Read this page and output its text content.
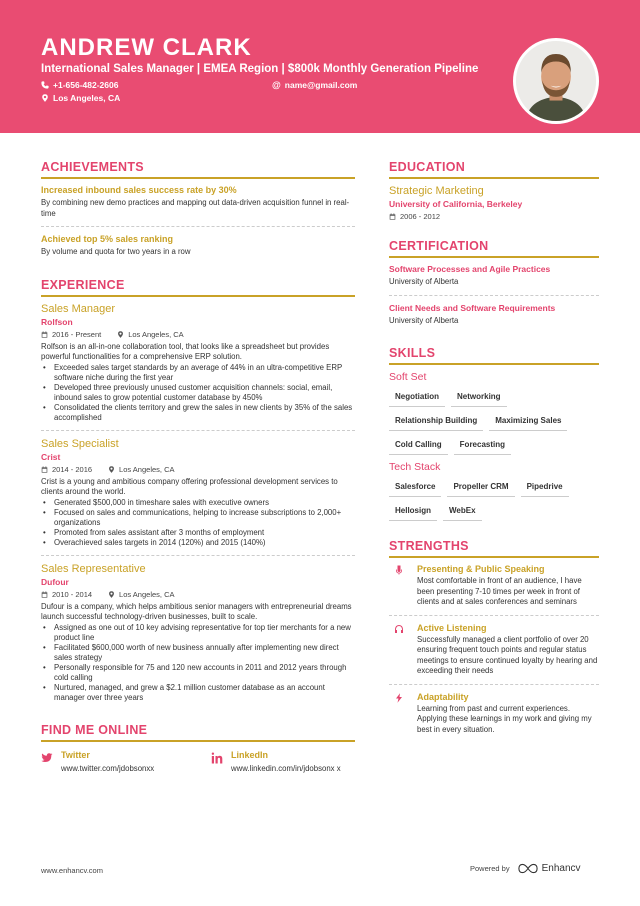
ANDREW CLARK
International Sales Manager | EMEA Region | $800k Monthly Generation Pipeline
+1-656-482-2606	@ name@gmail.com
Los Angeles, CA
ACHIEVEMENTS
Increased inbound sales success rate by 30%
By combining new demo practices and mapping out data-driven acquisition funnel in real-time
Achieved top 5% sales ranking
By volume and quota for two years in a row
EXPERIENCE
Sales Manager
Rolfson
2016 - Present	Los Angeles, CA
Rolfson is an all-in-one collaboration tool, that looks like a spreadsheet but provides powerful functionalities for a comprehensive ERP solution.
• Exceeded sales target standards by an average of 44% in an ultra-competitive ERP software niche during the first year
• Developed three previously unused customer acquisition channels: social, email, inbound sales to grow potential customer database by 450%
• Consolidated the clients territory and grew the sales in new clients by 35% of the sales accomplished
Sales Specialist
Crist
2014 - 2016	Los Angeles, CA
Crist is a young and ambitious company offering professional development services to clients around the world.
• Generated $500,000 in timeshare sales with executive owners
• Focused on sales and communications, helping to increase subscriptions to 2,000+ organizations
• Promoted from sales assistant after 3 months of employment
• Overachieved sales targets in 2014 (120%) and 2015 (140%)
Sales Representative
Dufour
2010 - 2014	Los Angeles, CA
Dufour is a company, which helps ambitious senior managers with entrepreneurial dreams launch successful technology-driven businesses, built to scale.
• Assigned as one out of 10 key advising representative for top tier merchants for a new product line
• Facilitated $600,000 worth of new business annually after implementing new direct sales strategy
• Personally responsible for 75 and 120 new accounts in 2011 and 2012 years through cold calling
• Nurtured, managed, and grew a $2.1 million customer database as an account manager over three years
FIND ME ONLINE
Twitter
www.twitter.com/jdobsonxx
LinkedIn
www.linkedin.com/in/jdobsonx x
EDUCATION
Strategic Marketing
University of California, Berkeley
2006 - 2012
CERTIFICATION
Software Processes and Agile Practices
University of Alberta
Client Needs and Software Requirements
University of Alberta
SKILLS
Soft Set
Negotiation	Networking
Relationship Building	Maximizing Sales
Cold Calling	Forecasting
Tech Stack
Salesforce	Propeller CRM	Pipedrive
Hellosign	WebEx
STRENGTHS
Presenting & Public Speaking
Most comfortable in front of an audience, I have been presenting 7-10 times per week in front of clients and at sales conferences and seminars
Active Listening
Successfully managed a client portfolio of over 20 ensuring frequent touch points and regular status meetings to ensure continued loyalty by hearing and exceeding their needs
Adaptability
Learning from past and current experiences. Applying these learnings in my work and giving my best in every situation.
www.enhancv.com	Powered by	Enhancv
